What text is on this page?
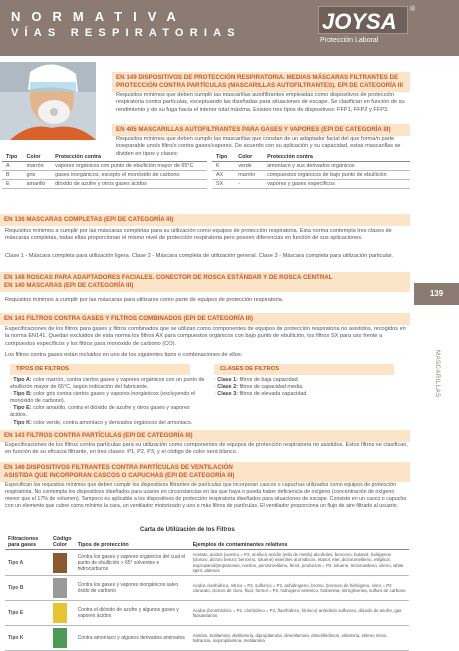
NORMATIVA
VÍAS RESPIRATORIAS	JOYSA ®
Protección Laboral
EN 149 DISPOSITIVOS DE PROTECCIÓN RESPIRATORIA. MEDIAS MÁSCARAS FILTRANTES DE PROTECCIÓN CONTRA PARTÍCULAS (MASCARILLAS AUTOFILTRANTES). EPI DE CATEGORÍA III
Requisitos mínimos que deben cumplir las mascarillas autofiltrantes empleadas como dispositivos de protección respiratoria contra partículas, exceptuando las diseñadas para situaciones de escape. Se clasifican en función de su rendimiento y de su fuga hacia el interior total máxima. Existen tres tipos de dispositivos: FFP1, FFP2 y FFP3.
EN 405 MASCARILLAS AUTOFILTRANTES PARA GASES Y VAPORES (EPI DE CATEGORÍA III)
Requisitos mínimos que deben cumplir las mascarillas que constan de un adaptador facial del que forma/n parte inseparable uno/s filtro/s contra gases/vapores. De acuerdo con su aplicación y su capacidad, estas mascarillas se dividen en tipos y clases:
Tipo	Color	Protección contra
A	marrón	vapores orgánicos con punto de ebullición mayor de 65°C
B	gris	gases inorgánicos, excepto el monóxido de carbono
E	amarillo	dióxido de azufre y otros gases ácidos
Tipo	Color	Protección contra
K	verde	amoníaco y sus derivados orgánicos
AX	marrón	compuestos orgánicos de bajo punto de ebullición
SX	-	vapores y gases específicos
EN 136 MASCARAS COMPLETAS (EPI DE CATEGORÍA III)
Requisitos mínimos a cumplir por las máscaras completas para su utilización como equipos de protección respiratoria. Esta norma contempla tres clases de máscaras completas, todas ellas proporcionan el mismo nivel de protección respiratoria pero poseen diferencias en función de sus aplicaciones.
Clase 1 - Máscara completa para utilización ligera. Clase 2 - Máscara completa de utilización general. Clase 3 - Máscara completa para utilización particular.
EN 148 ROSCAS PARA ADAPTADORES FACIALES. CONECTOR DE ROSCA ESTÁNDAR Y DE ROSCA CENTRAL
EN 140 MASCARAS (EPI DE CATEGORÍA III)
Requisitos mínimos a cumplir por las máscaras para utilizarse como parte de equipos de protección respiratoria.
EN 141 FILTROS CONTRA GASES Y FILTROS COMBINADOS (EPI DE CATEGORÍA III)
Especificaciones de los filtros para gases y filtros combinados que se utilizan como componentes de equipos de protección respiratoria no asistidos, recogidos en la norma EN141. Quedan excluidos de esta norma los filtros AX para compuestos orgánicos con bajo punto de ebullición, los filtros SX para uso frente a compuestos específicos y los filtros para monóxido de carbono (CO).
Los filtros contra gases están incluidos en uno de los siguientes tipos o combinaciones de ellos:
TIPOS DE FILTROS	CLASES DE FILTROS
· Tipo A: color marrón, contra ciertos gases y vapores orgánicos con un punto de ebullición mayor de 65°C, según indicación del fabricante.
· Tipo B: color gris contra ciertos gases y vapores inorgánicos (excluyendo el monóxido de carbono).
· Tipo E: color amarillo, contra el dióxido de azufre y otros gases y vapores ácidos.
· Tipo K: color verde, contra amoníaco y derivados orgánicos del amoníaco.
· Clase 1: filtros de baja capacidad.
· Clase 2: filtros de capacidad media.
· Clase 3: filtros de elevada capacidad.
EN 143 FILTROS CONTRA PARTÍCULAS (EPI DE CATEGORÍA III)
Especificaciones de los filtros contra partículas para su utilización como componentes de equipos de protección respiratoria no asistidos. Estos filtros se clasifican, en función de su eficacia filtrante, en tres clases: P1, P2, P3, y el código de color será blanco.
EN 146 DISPOSITIVOS FILTRANTES CONTRA PARTÍCULAS DE VENTILACIÓN
ASISTIDA QUE INCORPORAN CASCOS O CAPUCHAS (EPI DE CATEGORÍA III)
Especifican los requisitos mínimos que deben cumplir los dispositivos filtrantes de partículas que incorporan cascos o capuchas utilizados como equipos de protección respiratoria. No contempla los dispositivos diseñados para usarse en circunstancias en las que haya o pueda haber deficiencia de oxígeno (concentración de oxígeno menor que el 17% de volumen). Tampoco es aplicable a los dispositivos de protección respiratoria diseñados para situaciones de escape. Consiste en un casco o capucha con un elemento que cubre como mínimo la cara, un ventilador motorizado y uno o más filtros de partículas. El ventilador proporciona un flujo de aire filtrado al usuario.
Carta de Utilización de los Filtros
Filtraciones para gases	Código Color	Tipos de protección	Ejemplos de contaminantes relativos
Tipo A		Contra los gases y vapores orgánicos del cual el punto de ebullición > 65° solventes e hidrocarburos	Acetato, acidos (acetico = P2, acrilico) acridin (etilo de metilo) alcoholes, benceno, butanol, halógenos (cloruro, dicloro benzo; benceno, toluene) esteroles aromáticos, etanol, eter, diclorometileno, etilglicol, isopropanol/propanonas, nonilos, percloroetileno, fenol, productos = P2, toluene, tricloroetileno, xileno, white spirit, aldenos
Tipo B		Contra los gases y vapores inorgánicos salvo óxido de carbono	Acidos cianhídrico, nitrico = P2, sulfurico = P2, anhidrogeno, bromo, bromuro de hidrógeno, cloro = P2 clorurato, cloruro de cloro, fluor, formol = P2, hidrogeno arsénico, fosfamina, nitroglicerina, sulfuro de carbono
Tipo E		Contra el dióxido de azufre y algunos gases y vapores ácidos	Ácidos (bromhídrico = P2, clorhídrico = P2, fluorhídrico, fórmico) anhídrido sulfuroso, dióxido de azufre, gas fitosanitarios
Tipo K		Contra amoníaco y algunos derivados aminados	Amidos, butilamina, dietilamina, dipropilamina, dimetilamina, dimetilhidracin, etilamina, etileno imino, hidracina, isopropilamina, metilamina
139
MASCARILLAS
